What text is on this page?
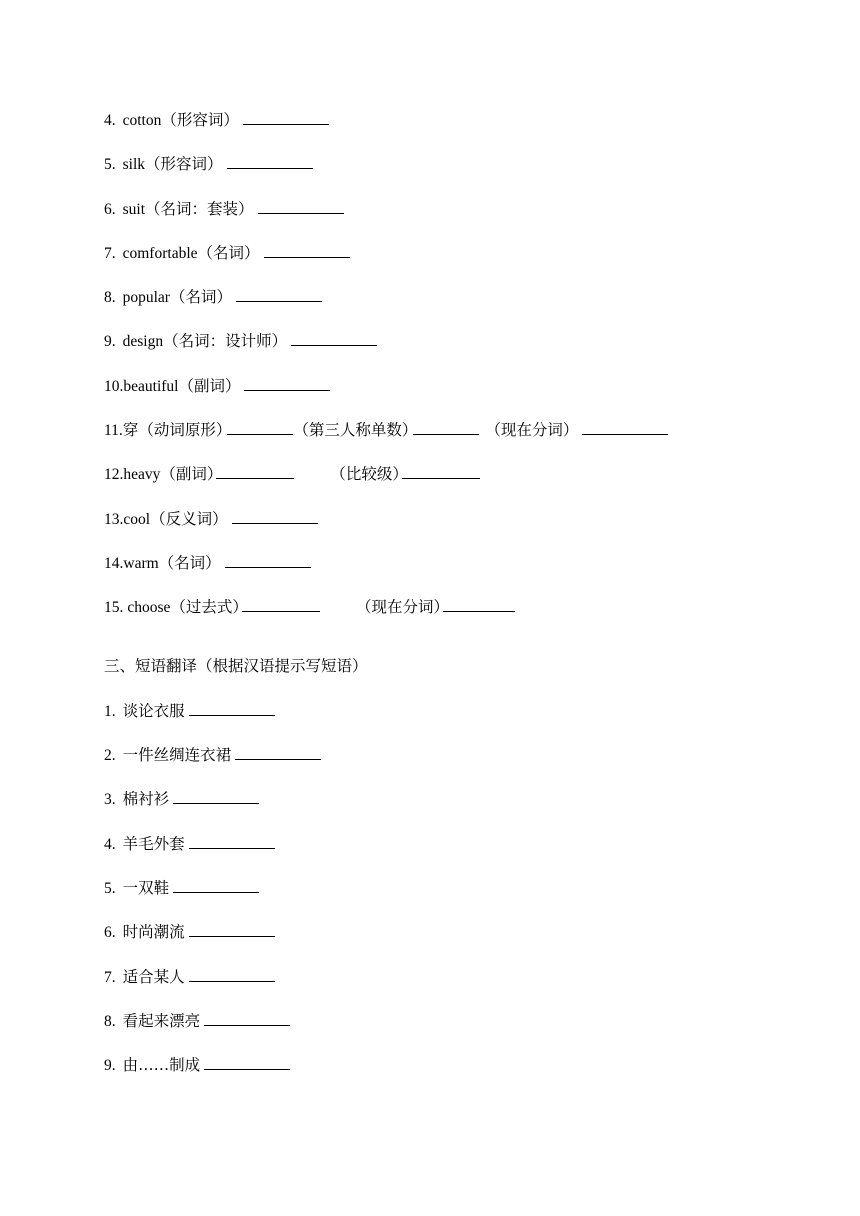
4. cotton（形容词）
5. silk（形容词）
6. suit（名词：套装）
7. comfortable（名词）
8. popular（名词）
9. design（名词：设计师）
10.beautiful（副词）
11.穿（动词原形）	（第三人称单数）	（现在分词）
12.heavy（副词）	（比较级）
13.cool（反义词）
14.warm（名词）
15. choose（过去式）	（现在分词）
三、短语翻译（根据汉语提示写短语）
1. 谈论衣服
2. 一件丝绸连衣裙
3. 棉衬衫
4. 羊毛外套
5. 一双鞋
6. 时尚潮流
7. 适合某人
8. 看起来漂亮
9. 由……制成
